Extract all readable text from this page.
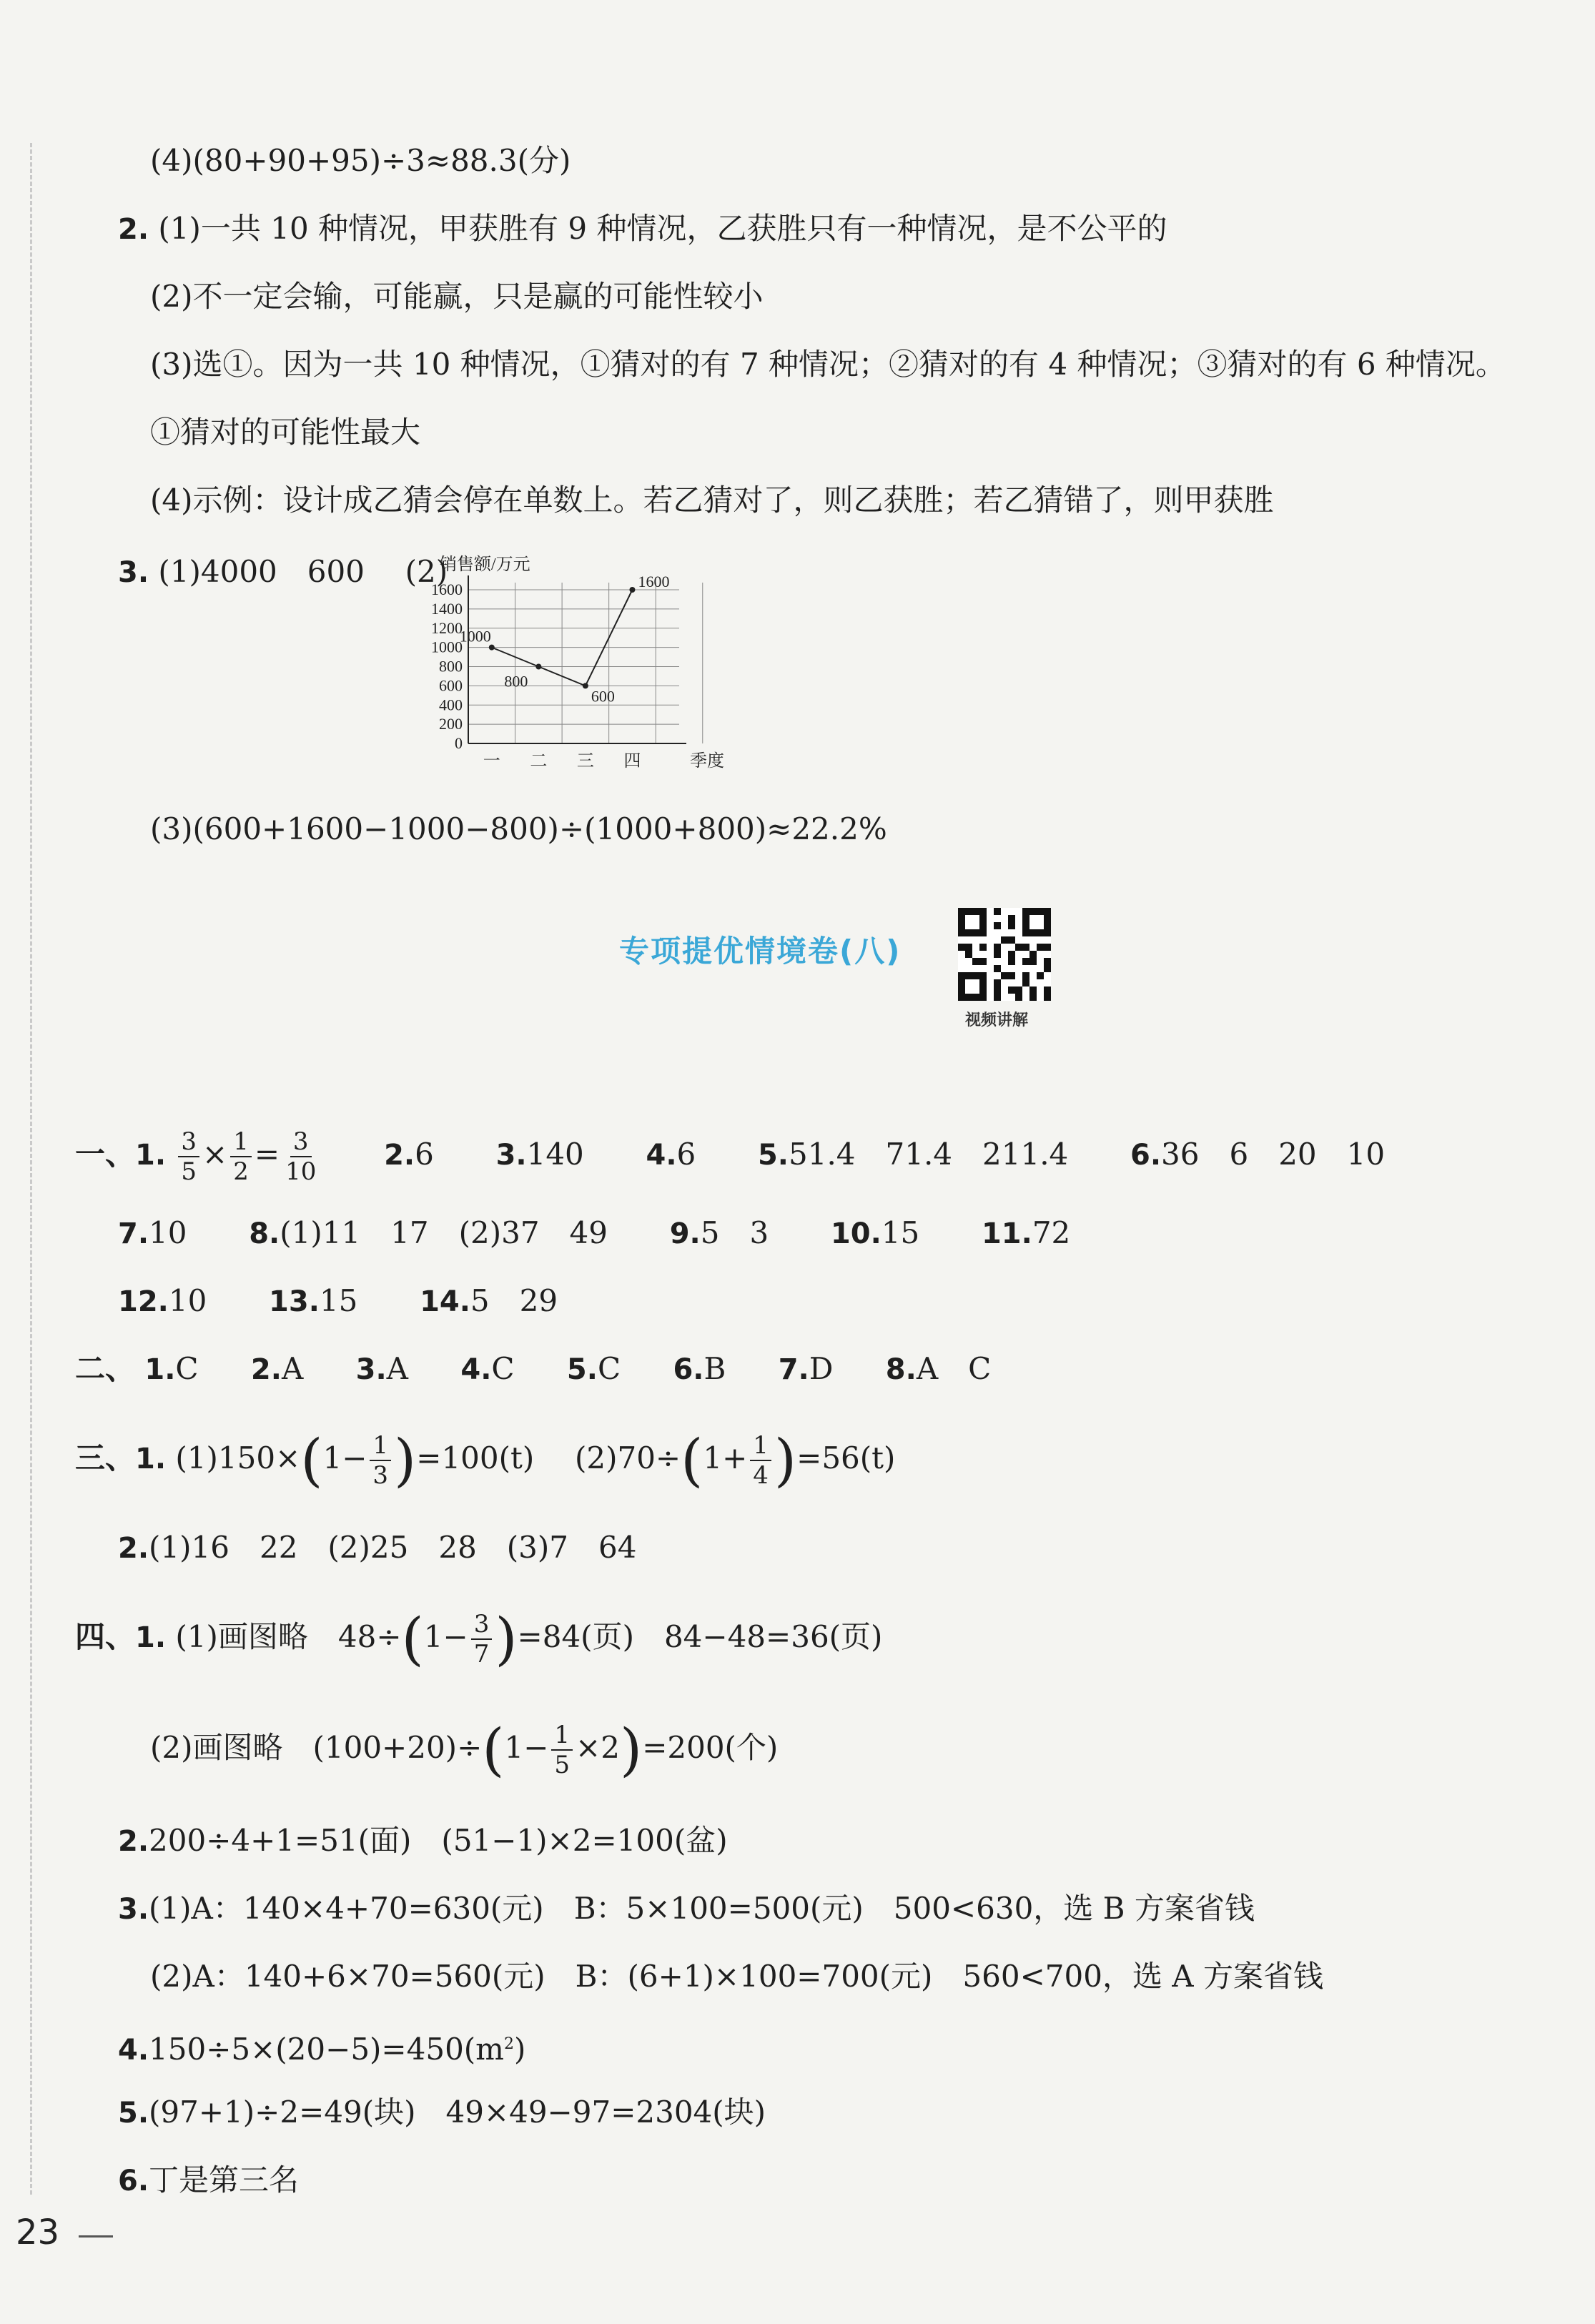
(4)(80+90+95)÷3≈88.3(分)
2. (1)一共 10 种情况，甲获胜有 9 种情况，乙获胜只有一种情况，是不公平的
(2)不一定会输，可能赢，只是赢的可能性较小
(3)选①。因为一共 10 种情况，①猜对的有 7 种情况；②猜对的有 4 种情况；③猜对的有 6 种情况。
①猜对的可能性最大
(4)示例：设计成乙猜会停在单数上。若乙猜对了，则乙获胜；若乙猜错了，则甲获胜
3. (1)4000　600 (2)
0
200
400
600
800
1000
1200
1400
1600
销售额/万元
季度
一 二 三 四
1000
800
600
1600
(3)(600+1600−1000−800)÷(1000+800)≈22.2%
专项提优情境卷(八)
视频讲解
一、1. $\frac{3}{5} \times \frac{1}{2} = \frac{3}{10} 2.6$ 3.140 4.6 5.51.4　71.4　211.4 6.36　6　20　10
7.10 8.(1)11　17　(2)37　49 9.5　3 10.15 11.72
12.10 13.15 14.5　29
二、 1.C 2.A 3.A 4.C 5.C 6.B 7.D 8.A　C
三、1. $(1)150\times(1- \frac{1}{3} )=100(t)$ $(2)70\div(1+ \frac{1}{4} )=56(t)$
2.(1)16　22　(2)25　28　(3)7　64
四、1. (1)画图略　$48\div(1- \frac{3}{7} )=84$(页)　84−48=36(页)
(2)画图略　$(100+20)\div(1- \frac{1}{5} \times 2)=200$(个)
2.200÷4+1=51(面)　(51−1)×2=100(盆)
3.(1)A：140×4+70=630(元)　B：5×100=500(元)　500<630，选 B 方案省钱
(2)A：140+6×70=560(元)　B：(6+1)×100=700(元)　560<700，选 A 方案省钱
$4.150\div 5\times(20-5)=450(m^2)$
5.(97+1)÷2=49(块)　49×49−97=2304(块)
6.丁是第三名
23
